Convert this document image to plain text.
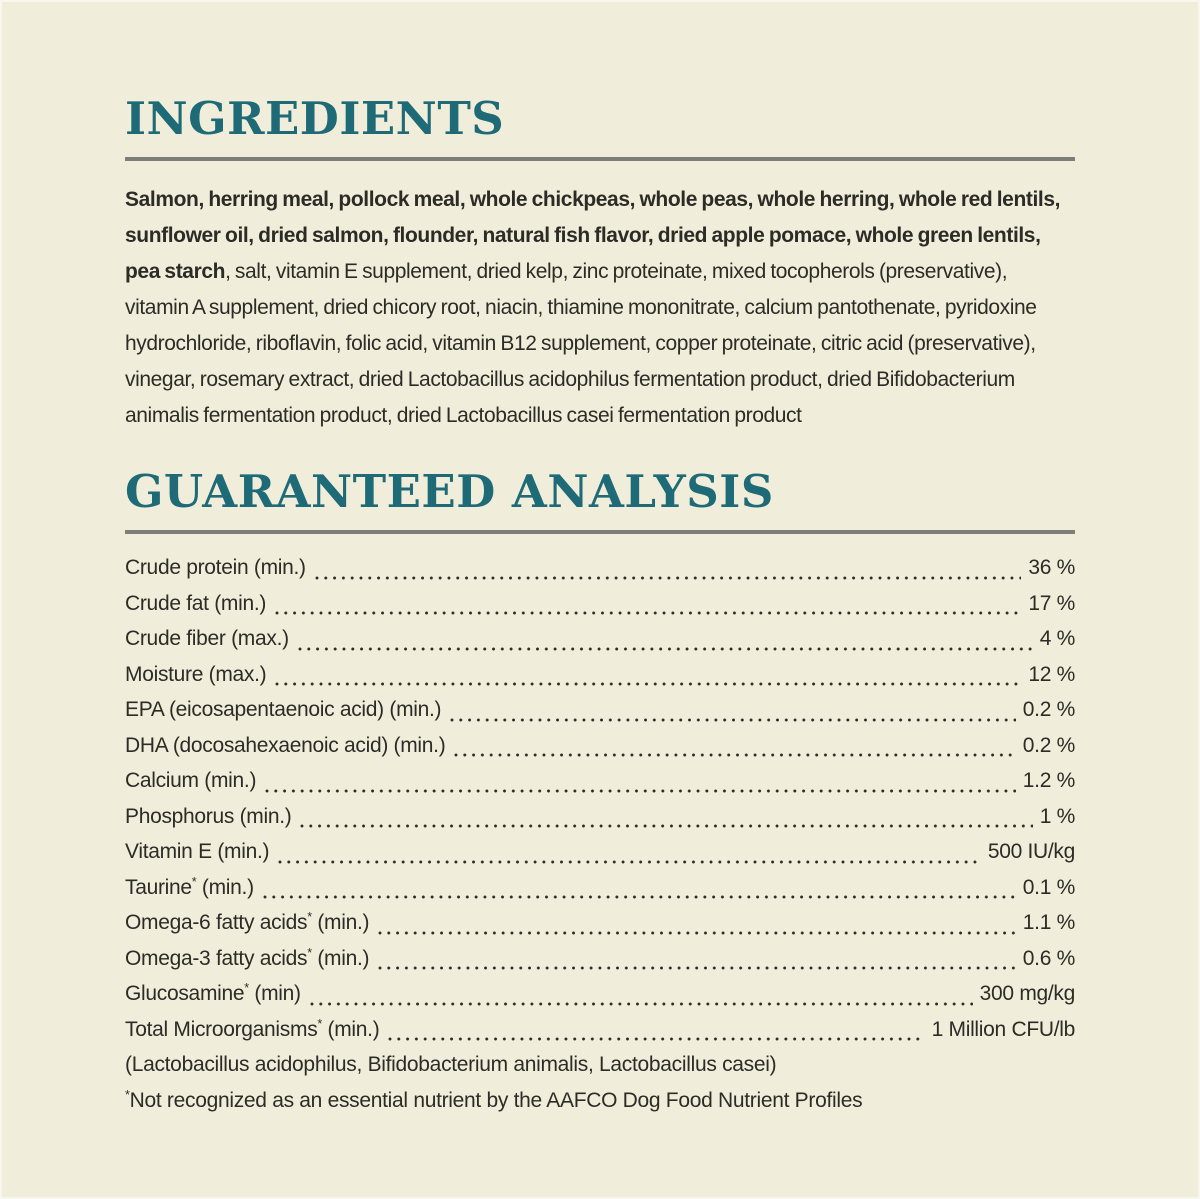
INGREDIENTS

Salmon, herring meal, pollock meal, whole chickpeas, whole peas, whole herring, whole red lentils, sunflower oil, dried salmon, flounder, natural fish flavor, dried apple pomace, whole green lentils, pea starch, salt, vitamin E supplement, dried kelp, zinc proteinate, mixed tocopherols (preservative), vitamin A supplement, dried chicory root, niacin, thiamine mononitrate, calcium pantothenate, pyridoxine hydrochloride, riboflavin, folic acid, vitamin B12 supplement, copper proteinate, citric acid (preservative), vinegar, rosemary extract, dried Lactobacillus acidophilus fermentation product, dried Bifidobacterium animalis fermentation product, dried Lactobacillus casei fermentation product

GUARANTEED ANALYSIS
Crude protein (min.)	36 %
Crude fat (min.)	17 %
Crude fiber (max.)	4 %
Moisture (max.)	12 %
EPA (eicosapentaenoic acid) (min.)	0.2 %
DHA (docosahexaenoic acid) (min.)	0.2 %
Calcium (min.)	1.2 %
Phosphorus (min.)	1 %
Vitamin E (min.)	500 IU/kg
Taurine* (min.)	0.1 %
Omega-6 fatty acids* (min.)	1.1 %
Omega-3 fatty acids* (min.)	0.6 %
Glucosamine* (min)	300 mg/kg
Total Microorganisms* (min.)	1 Million CFU/lb

(Lactobacillus acidophilus, Bifidobacterium animalis, Lactobacillus casei)

*Not recognized as an essential nutrient by the AAFCO Dog Food Nutrient Profiles
